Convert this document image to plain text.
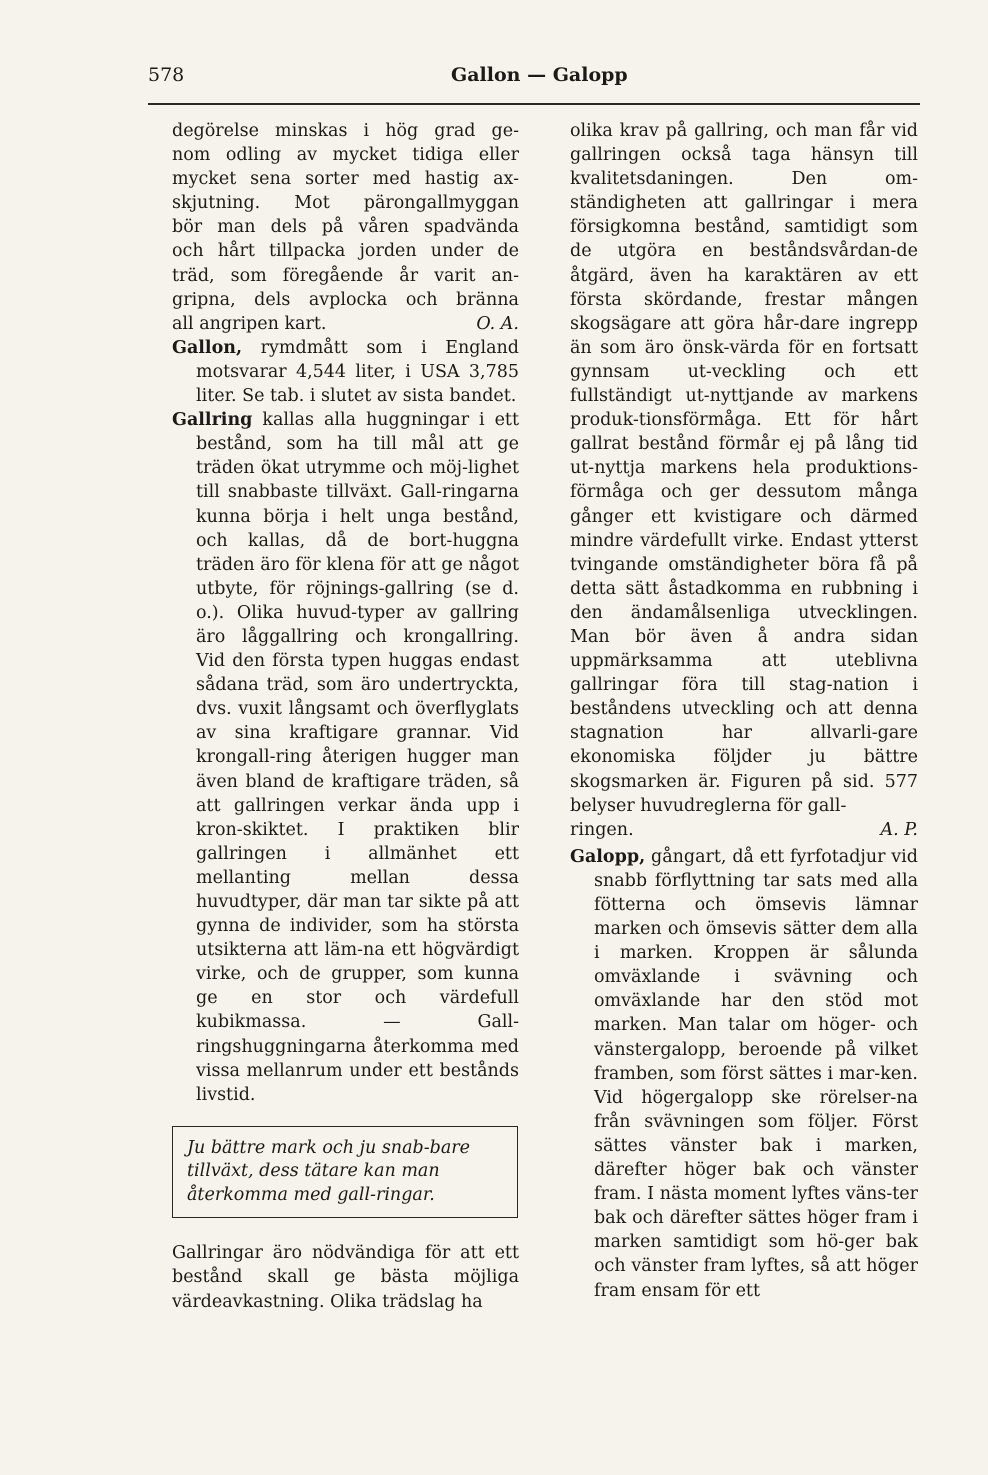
578	Gallon — Galopp
degörelse minskas i hög grad ge-
nom odling av mycket tidiga eller
mycket sena sorter med hastig ax-
skjutning. Mot pärongallmyggan
bör man dels på våren spadvända
och hårt tillpacka jorden under de
träd, som föregående år varit an-
gripna, dels avplocka och bränna
all angripen kart.	O. A.

Gallon, rymdmått som i England motsvarar 4,544 liter, i USA 3,785 liter. Se tab. i slutet av sista bandet.

Gallring kallas alla huggningar i ett bestånd, som ha till mål att ge träden ökat utrymme och möj-lighet till snabbaste tillväxt. Gall-ringarna kunna börja i helt unga bestånd, och kallas, då de bort-huggna träden äro för klena för att ge något utbyte, för röjnings-gallring (se d. o.). Olika huvud-typer av gallring äro låggallring och krongallring. Vid den första typen huggas endast sådana träd, som äro undertryckta, dvs. vuxit långsamt och överflyglats av sina kraftigare grannar. Vid krongall-ring återigen hugger man även bland de kraftigare träden, så att gallringen verkar ända upp i kron-skiktet. I praktiken blir gallringen i allmänhet ett mellanting mellan dessa huvudtyper, där man tar sikte på att gynna de individer, som ha största utsikterna att läm-na ett högvärdigt virke, och de grupper, som kunna ge en stor och värdefull kubikmassa. — Gall-ringshuggningarna återkomma med vissa mellanrum under ett bestånds livstid.

Ju bättre mark och ju snab-bare tillväxt, dess tätare kan man återkomma med gall-ringar.

Gallringar äro nödvändiga för att ett bestånd skall ge bästa möjliga värdeavkastning. Olika trädslag ha

olika krav på gallring, och man får vid gallringen också taga hänsyn till kvalitetsdaningen. Den om-ständigheten att gallringar i mera försigkomna bestånd, samtidigt som de utgöra en beståndsvårdan-de åtgärd, även ha karaktären av ett första skördande, frestar mången skogsägare att göra hår-dare ingrepp än som äro önsk-värda för en fortsatt gynnsam ut-veckling och ett fullständigt ut-nyttjande av markens produk-tionsförmåga. Ett för hårt gallrat bestånd förmår ej på lång tid ut-nyttja markens hela produktions-förmåga och ger dessutom många gånger ett kvistigare och därmed mindre värdefullt virke. Endast ytterst tvingande omständigheter böra få på detta sätt åstadkomma en rubbning i den ändamålsenliga utvecklingen. Man bör även å andra sidan uppmärksamma att uteblivna gallringar föra till stag-nation i beståndens utveckling och att denna stagnation har allvarli-gare ekonomiska följder ju bättre skogsmarken är. Figuren på sid. 577 belyser huvudreglerna för gall-

ringen.	A. P.

Galopp, gångart, då ett fyrfotadjur vid snabb förflyttning tar sats med alla fötterna och ömsevis lämnar marken och ömsevis sätter dem alla i marken. Kroppen är sålunda omväxlande i svävning och omväxlande har den stöd mot marken. Man talar om höger- och vänstergalopp, beroende på vilket framben, som först sättes i mar-ken. Vid högergalopp ske rörelser-na från svävningen som följer. Först sättes vänster bak i marken, därefter höger bak och vänster fram. I nästa moment lyftes väns-ter bak och därefter sättes höger fram i marken samtidigt som hö-ger bak och vänster fram lyftes, så att höger fram ensam för ett
